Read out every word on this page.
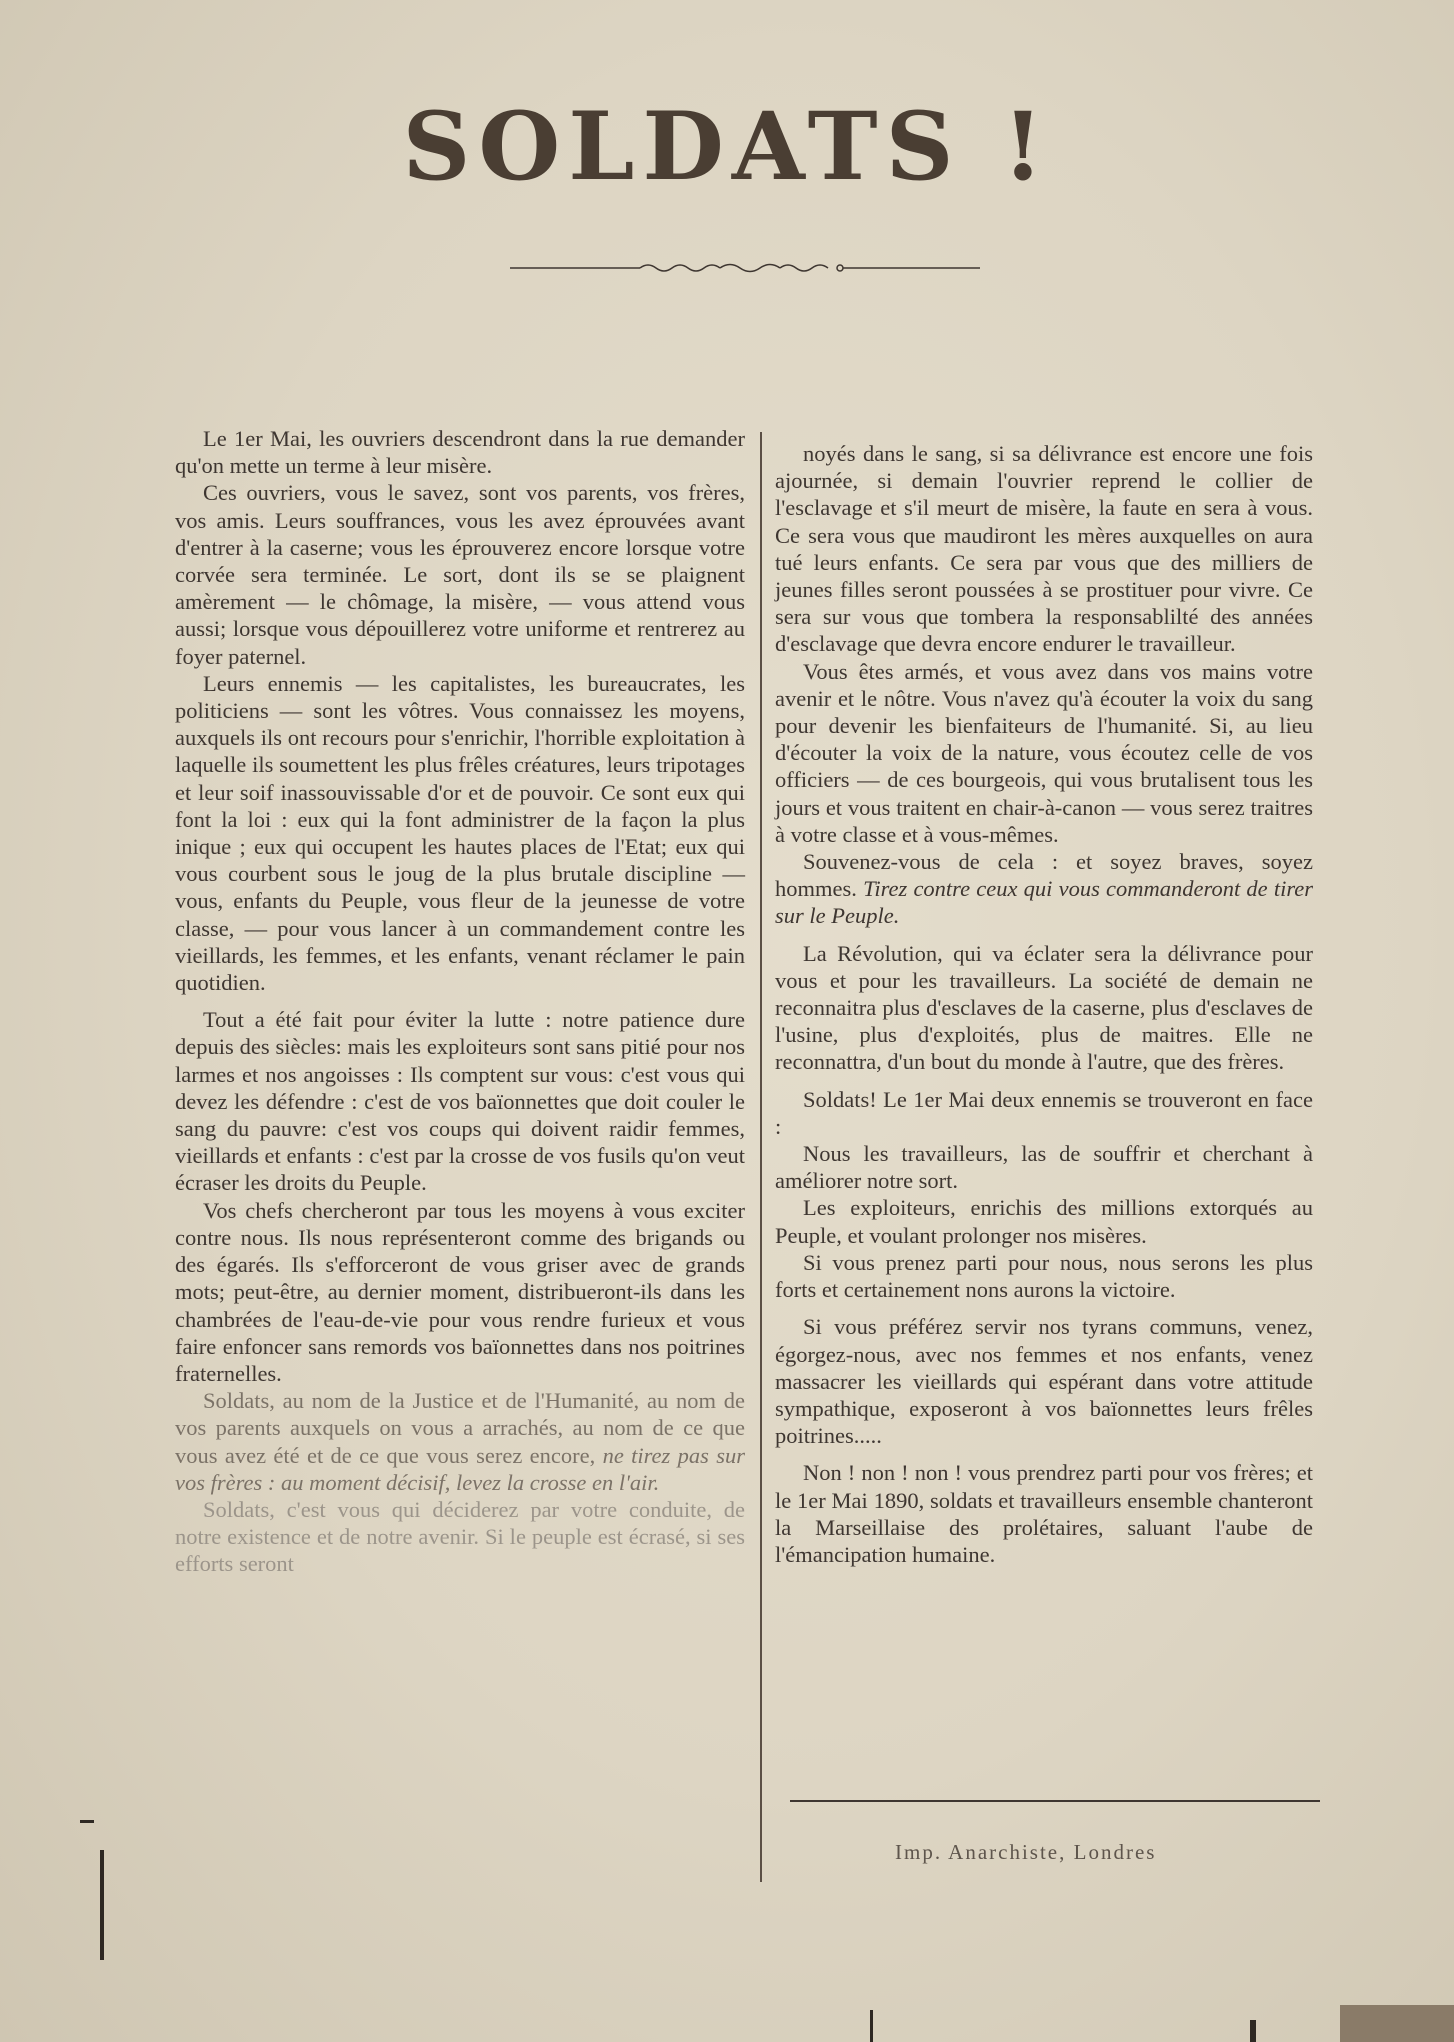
SOLDATS !

Le 1er Mai, les ouvriers descendront dans la rue demander qu'on mette un terme à leur misère.

Ces ouvriers, vous le savez, sont vos parents, vos frères, vos amis. Leurs souffrances, vous les avez éprouvées avant d'entrer à la caserne; vous les éprouverez encore lorsque votre corvée sera terminée. Le sort, dont ils se se plaignent amèrement — le chômage, la misère, — vous attend vous aussi; lorsque vous dépouillerez votre uniforme et rentrerez au foyer paternel.

Leurs ennemis — les capitalistes, les bureaucrates, les politiciens — sont les vôtres. Vous connaissez les moyens, auxquels ils ont recours pour s'enrichir, l'horrible exploitation à laquelle ils soumettent les plus frêles créatures, leurs tripotages et leur soif inassouvissable d'or et de pouvoir. Ce sont eux qui font la loi : eux qui la font administrer de la façon la plus inique ; eux qui occupent les hautes places de l'Etat; eux qui vous courbent sous le joug de la plus brutale discipline — vous, enfants du Peuple, vous fleur de la jeunesse de votre classe, — pour vous lancer à un commandement contre les vieillards, les femmes, et les enfants, venant réclamer le pain quotidien.

Tout a été fait pour éviter la lutte : notre patience dure depuis des siècles: mais les exploiteurs sont sans pitié pour nos larmes et nos angoisses : Ils comptent sur vous: c'est vous qui devez les défendre : c'est de vos baïonnettes que doit couler le sang du pauvre: c'est vos coups qui doivent raidir femmes, vieillards et enfants : c'est par la crosse de vos fusils qu'on veut écraser les droits du Peuple.

Vos chefs chercheront par tous les moyens à vous exciter contre nous. Ils nous représenteront comme des brigands ou des égarés. Ils s'efforceront de vous griser avec de grands mots; peut-être, au dernier moment, distribueront-ils dans les chambrées de l'eau-de-vie pour vous rendre furieux et vous faire enfoncer sans remords vos baïonnettes dans nos poitrines fraternelles.

Soldats, au nom de la Justice et de l'Humanité, au nom de vos parents auxquels on vous a arrachés, au nom de ce que vous avez été et de ce que vous serez encore, ne tirez pas sur vos frères : au moment décisif, levez la crosse en l'air.

Soldats, c'est vous qui déciderez par votre conduite, de notre existence et de notre avenir. Si le peuple est écrasé, si ses efforts seront

noyés dans le sang, si sa délivrance est encore une fois ajournée, si demain l'ouvrier reprend le collier de l'esclavage et s'il meurt de misère, la faute en sera à vous. Ce sera vous que maudiront les mères auxquelles on aura tué leurs enfants. Ce sera par vous que des milliers de jeunes filles seront poussées à se prostituer pour vivre. Ce sera sur vous que tombera la responsablilté des années d'esclavage que devra encore endurer le travailleur.

Vous êtes armés, et vous avez dans vos mains votre avenir et le nôtre. Vous n'avez qu'à écouter la voix du sang pour devenir les bienfaiteurs de l'humanité. Si, au lieu d'écouter la voix de la nature, vous écoutez celle de vos officiers — de ces bourgeois, qui vous brutalisent tous les jours et vous traitent en chair-à-canon — vous serez traitres à votre classe et à vous-mêmes.

Souvenez-vous de cela : et soyez braves, soyez hommes. Tirez contre ceux qui vous commanderont de tirer sur le Peuple.

La Révolution, qui va éclater sera la délivrance pour vous et pour les travailleurs. La société de demain ne reconnaitra plus d'esclaves de la caserne, plus d'esclaves de l'usine, plus d'exploités, plus de maitres. Elle ne reconnattra, d'un bout du monde à l'autre, que des frères.

Soldats! Le 1er Mai deux ennemis se trouveront en face :

Nous les travailleurs, las de souffrir et cherchant à améliorer notre sort.

Les exploiteurs, enrichis des millions extorqués au Peuple, et voulant prolonger nos misères.

Si vous prenez parti pour nous, nous serons les plus forts et certainement nons aurons la victoire.

Si vous préférez servir nos tyrans communs, venez, égorgez-nous, avec nos femmes et nos enfants, venez massacrer les vieillards qui espérant dans votre attitude sympathique, exposeront à vos baïonnettes leurs frêles poitrines.....

Non ! non ! non ! vous prendrez parti pour vos frères; et le 1er Mai 1890, soldats et travailleurs ensemble chanteront la Marseillaise des prolétaires, saluant l'aube de l'émancipation humaine.

Imp. Anarchiste, Londres
